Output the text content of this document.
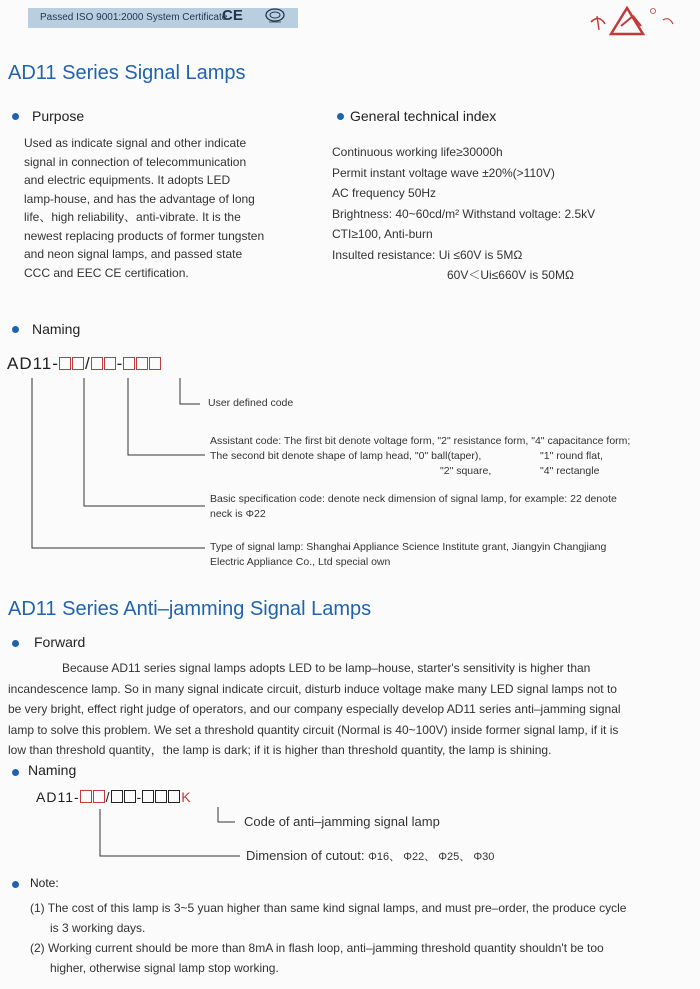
Passed ISO 9001:2000 System Certificate
CE
AD11 Series Signal Lamps
Purpose
Used as indicate signal and other indicate
signal in connection of telecommunication
and electric equipments. It adopts LED
lamp-house, and has the advantage of long
life、high reliability、anti-vibrate. It is the
newest replacing products of former tungsten
and neon signal lamps, and passed state
CCC and EEC CE certification.
General technical index
Continuous working life≥30000h
Permit instant voltage wave ±20%(>110V)
AC frequency 50Hz
Brightness: 40~60cd/m² Withstand voltage: 2.5kV
CTI≥100, Anti-burn
Insulted resistance: Ui ≤60V is 5MΩ
60V＜Ui≤660V is 50MΩ
Naming
AD11- / -
User defined code
Assistant code: The first bit denote voltage form, "2" resistance form, "4" capacitance form;
The second bit denote shape of lamp head, "0" ball(taper),	"1" round flat,
"2" square,	"4" rectangle
Basic specification code: denote neck dimension of signal lamp, for example: 22 denote
neck is Φ22
Type of signal lamp: Shanghai Appliance Science Institute grant, Jiangyin Changjiang
Electric Appliance Co., Ltd special own
AD11 Series Anti–jamming Signal Lamps
Forward
Because AD11 series signal lamps adopts LED to be lamp–house, starter's sensitivity is higher than
incandescence lamp. So in many signal indicate circuit, disturb induce voltage make many LED signal lamps not to
be very bright, effect right judge of operators, and our company especially develop AD11 series anti–jamming signal
lamp to solve this problem. We set a threshold quantity circuit (Normal is 40~100V) inside former signal lamp, if it is
low than threshold quantity，the lamp is dark; if it is higher than threshold quantity, the lamp is shining.
Naming
AD11- / -	K
Code of anti–jamming signal lamp
Dimension of cutout: Φ16、 Φ22、 Φ25、 Φ30
Note:
(1) The cost of this lamp is 3~5 yuan higher than same kind signal lamps, and must pre–order, the produce cycle
is 3 working days.
(2) Working current should be more than 8mA in flash loop, anti–jamming threshold quantity shouldn't be too
higher, otherwise signal lamp stop working.
